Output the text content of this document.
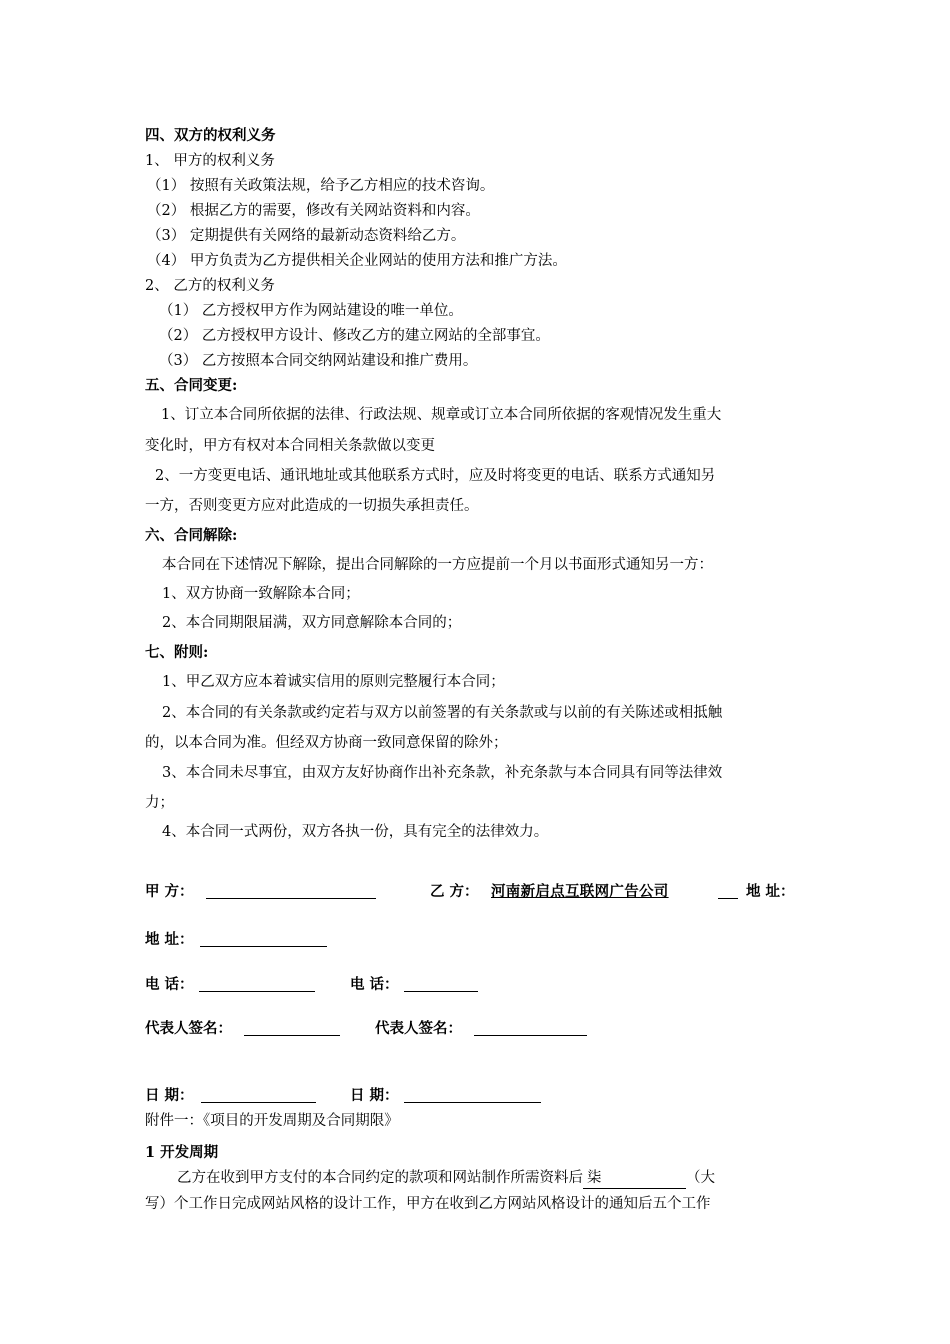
四、双方的权利义务
1、 甲方的权利义务
（1） 按照有关政策法规，给予乙方相应的技术咨询。
（2） 根据乙方的需要，修改有关网站资料和内容。
（3） 定期提供有关网络的最新动态资料给乙方。
（4） 甲方负责为乙方提供相关企业网站的使用方法和推广方法。
2、 乙方的权利义务
（1） 乙方授权甲方作为网站建设的唯一单位。
（2） 乙方授权甲方设计、修改乙方的建立网站的全部事宜。
（3） 乙方按照本合同交纳网站建设和推广费用。
五、合同变更:
1、订立本合同所依据的法律、行政法规、规章或订立本合同所依据的客观情况发生重大
变化时，甲方有权对本合同相关条款做以变更
2、一方变更电话、通讯地址或其他联系方式时，应及时将变更的电话、联系方式通知另
一方，否则变更方应对此造成的一切损失承担责任。
六、合同解除:
本合同在下述情况下解除，提出合同解除的一方应提前一个月以书面形式通知另一方：
1、双方协商一致解除本合同；
2、本合同期限届满，双方同意解除本合同的；
七、附则:
1、甲乙双方应本着诚实信用的原则完整履行本合同；
2、本合同的有关条款或约定若与双方以前签署的有关条款或与以前的有关陈述或相抵触
的，以本合同为准。但经双方协商一致同意保留的除外；
3、本合同未尽事宜，由双方友好协商作出补充条款，补充条款与本合同具有同等法律效
力；
4、本合同一式两份，双方各执一份，具有完全的法律效力。
甲 方：	乙 方： 河南新启点互联网广告公司	地 址：
地 址：
电 话：	电 话：
代表人签名：	代表人签名：
日 期：	日 期：
附件一：《项目的开发周期及合同期限》
1 开发周期
乙方在收到甲方支付的本合同约定的款项和网站制作所需资料后 柒	（大
写）个工作日完成网站风格的设计工作，甲方在收到乙方网站风格设计的通知后五个工作
